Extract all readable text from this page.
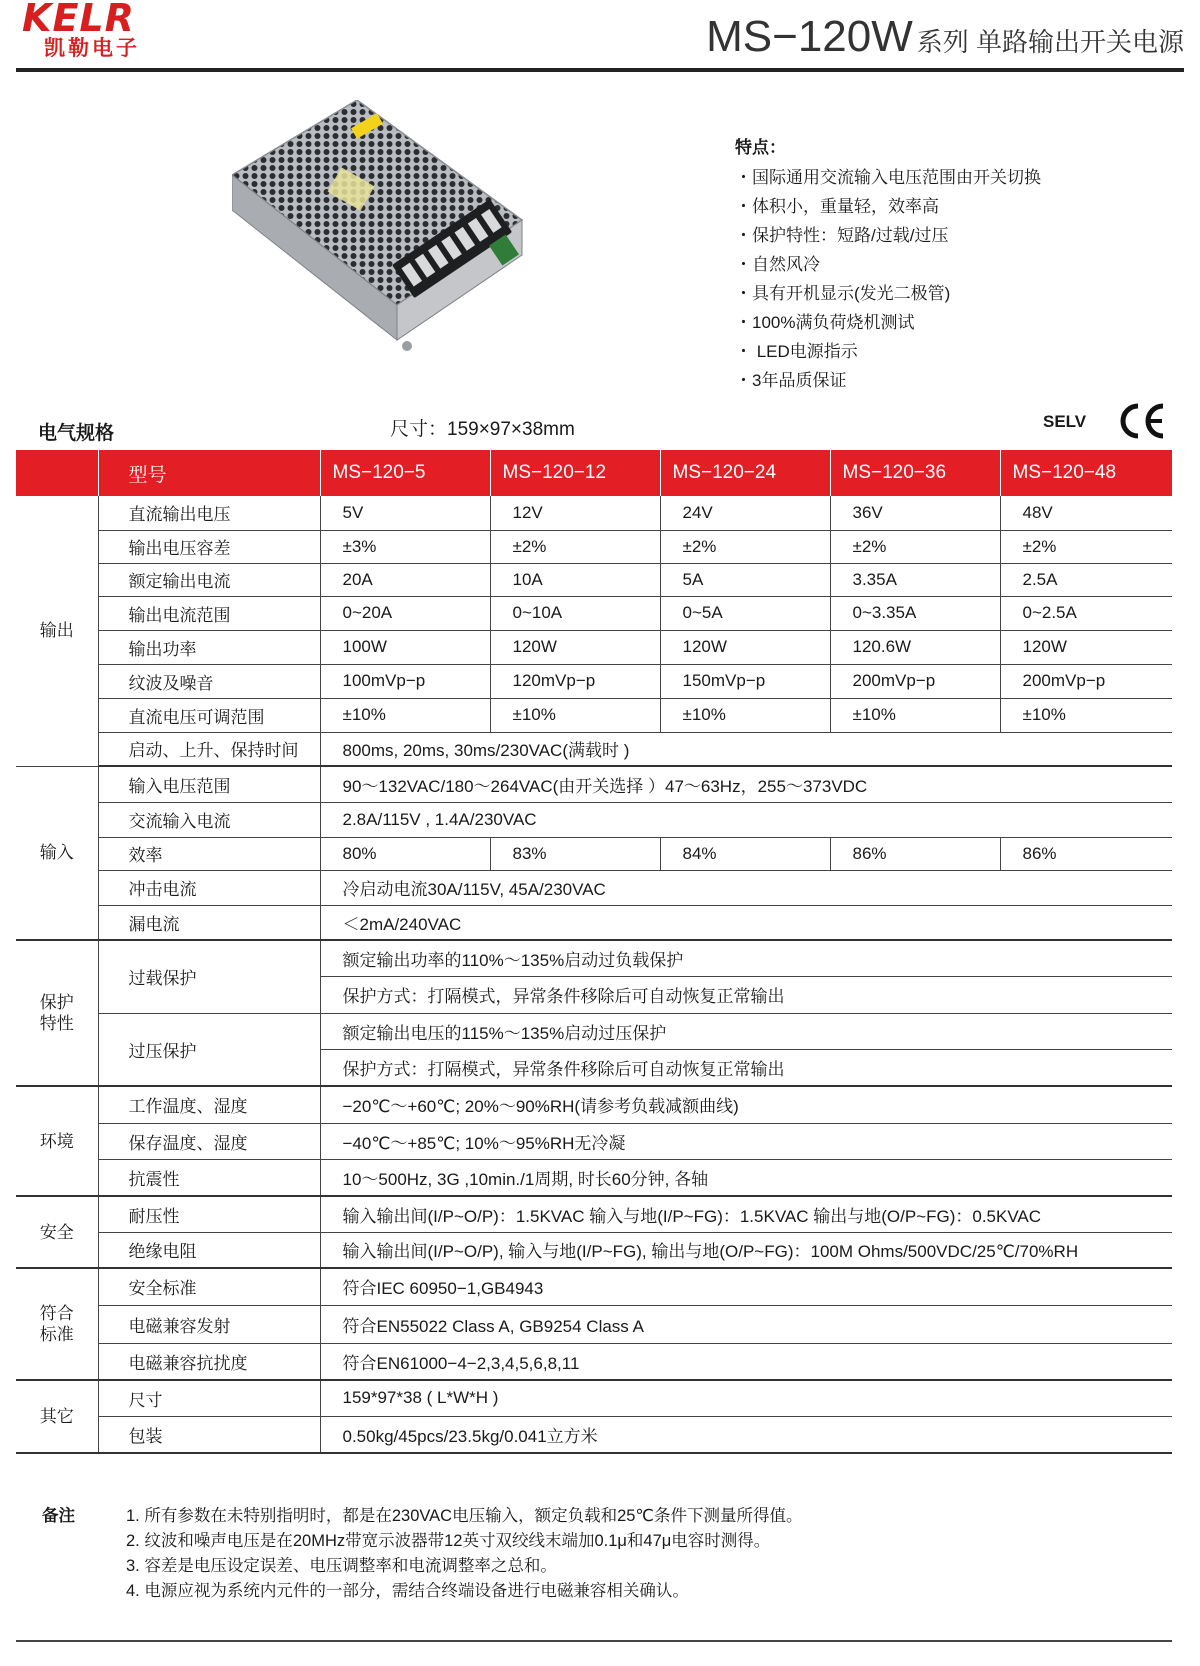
KELR
凯勒电子	MS−120W 系列 单路输出开关电源
特点：
・国际通用交流输入电压范围由开关切换
・体积小，重量轻，效率高
・保护特性：短路/过载/过压
・自然风冷
・具有开机显示(发光二极管)
・100%满负荷烧机测试
・ LED电源指示
・3年品质保证
电气规格	尺寸：159×97×38mm	SELV
	型号	MS−120−5	MS−120−12	MS−120−24	MS−120−36	MS−120−48
输出	直流输出电压	5V	12V	24V	36V	48V
	输出电压容差	±3%	±2%	±2%	±2%	±2%
	额定输出电流	20A	10A	5A	3.35A	2.5A
	输出电流范围	0~20A	0~10A	0~5A	0~3.35A	0~2.5A
	输出功率	100W	120W	120W	120.6W	120W
	纹波及噪音	100mVp−p	120mVp−p	150mVp−p	200mVp−p	200mVp−p
	直流电压可调范围	±10%	±10%	±10%	±10%	±10%
	启动、上升、保持时间	800ms, 20ms, 30ms/230VAC(满载时 )				
输入	输入电压范围	90～132VAC/180～264VAC(由开关选择 ）47～63Hz，255～373VDC				
	交流输入电流	2.8A/115V , 1.4A/230VAC				
	效率	80%	83%	84%	86%	86%
	冲击电流	冷启动电流30A/115V, 45A/230VAC				
	漏电流	＜2mA/240VAC				
保护
特性	过载保护	额定输出功率的110%～135%启动过负载保护				
		保护方式：打隔模式，异常条件移除后可自动恢复正常输出				
	过压保护	额定输出电压的115%～135%启动过压保护				
		保护方式：打隔模式，异常条件移除后可自动恢复正常输出				
环境	工作温度、湿度	−20℃～+60℃; 20%～90%RH(请参考负载减额曲线)				
	保存温度、湿度	−40℃～+85℃; 10%～95%RH无冷凝				
	抗震性	10～500Hz, 3G ,10min./1周期, 时长60分钟, 各轴				
安全	耐压性	输入输出间(I/P~O/P)：1.5KVAC 输入与地(I/P~FG)：1.5KVAC 输出与地(O/P~FG)：0.5KVAC				
	绝缘电阻	输入输出间(I/P~O/P), 输入与地(I/P~FG), 输出与地(O/P~FG)：100M Ohms/500VDC/25℃/70%RH				
符合
标准	安全标准	符合IEC 60950−1,GB4943				
	电磁兼容发射	符合EN55022 Class A, GB9254 Class A				
	电磁兼容抗扰度	符合EN61000−4−2,3,4,5,6,8,11				
其它	尺寸	159*97*38 ( L*W*H )				
	包装	0.50kg/45pcs/23.5kg/0.041立方米				
备注	1. 所有参数在未特别指明时，都是在230VAC电压输入，额定负载和25℃条件下测量所得值。
2. 纹波和噪声电压是在20MHz带宽示波器带12英寸双绞线末端加0.1μ和47μ电容时测得。
3. 容差是电压设定误差、电压调整率和电流调整率之总和。
4. 电源应视为系统内元件的一部分，需结合终端设备进行电磁兼容相关确认。
